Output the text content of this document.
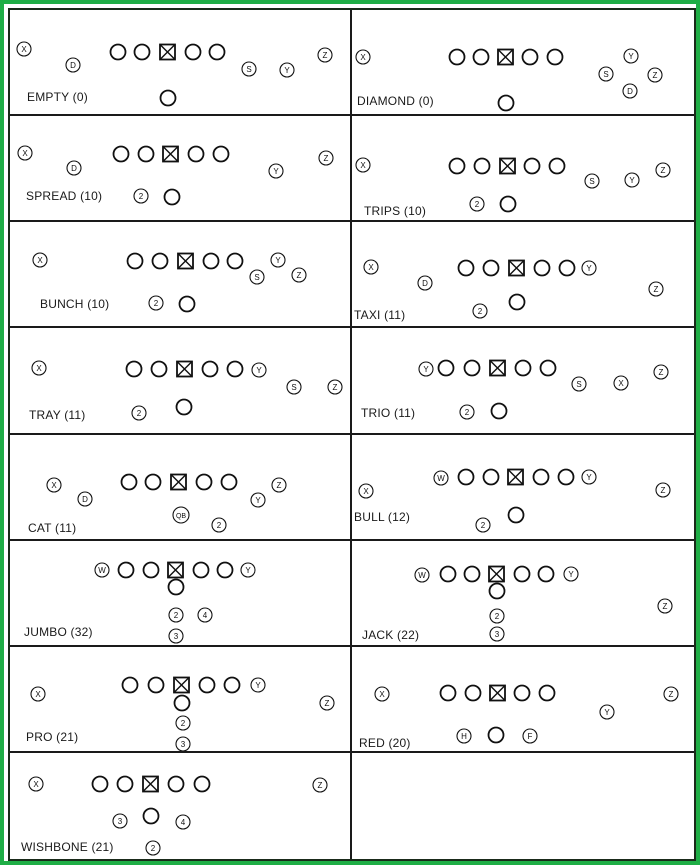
X
D	S	Y
Z
EMPTY (0)
X	Y
S	Z
D
DIAMOND (0)
X
D	Y
Z
2
SPREAD (10)
X
S	Y
Z
2
TRIPS (10)
X	Y
S	Z
2
BUNCH (10)
X
D
Y
Z
2
TAXI (11)
X	Y
S	Z
2
TRAY (11)
Y
S	X
Z
2
TRIO (11)
X
D
Z
Y
QB
2
CAT (11)
W	Y
X	Z
2
BULL (12)
W	Y
2	4
3
JUMBO (32)
W	Y
Z
2
3
JACK (22)
X
Y
Z
2
3
PRO (21)
X	Z
Y
H	F
RED (20)
X	Z
3	4
2
WISHBONE (21)
